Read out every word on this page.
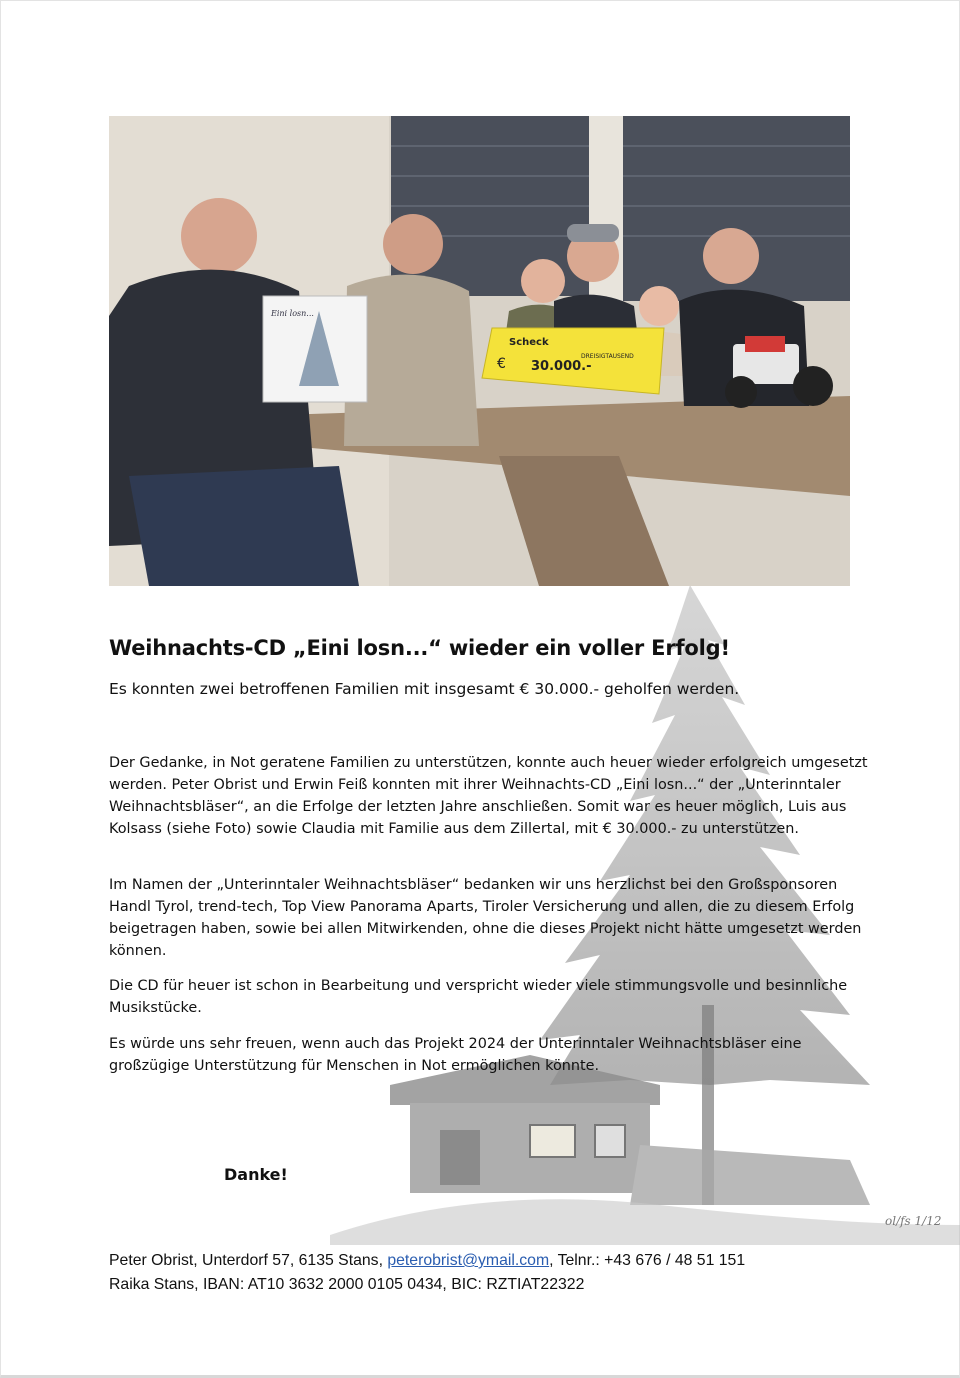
ol/fs 1/12
Eini losn...
Scheck
DREISIGTAUSEND
€ 30.000.-
Weihnachts-CD „Eini losn...“ wieder ein voller Erfolg!

Es konnten zwei betroffenen Familien mit insgesamt € 30.000.- geholfen werden.

Der Gedanke, in Not geratene Familien zu unterstützen, konnte auch heuer wieder erfolgreich umgesetzt werden. Peter Obrist und Erwin Feiß konnten mit ihrer Weihnachts-CD „Eini losn...“ der „Unterinntaler Weihnachtsbläser“, an die Erfolge der letzten Jahre anschließen. Somit war es heuer möglich, Luis aus Kolsass (siehe Foto) sowie Claudia mit Familie aus dem Zillertal, mit € 30.000.- zu unterstützen.

Im Namen der „Unterinntaler Weihnachtsbläser“ bedanken wir uns herzlichst bei den Großsponsoren Handl Tyrol, trend-tech, Top View Panorama Aparts, Tiroler Versicherung und allen, die zu diesem Erfolg beigetragen haben, sowie bei allen Mitwirkenden, ohne die dieses Projekt nicht hätte umgesetzt werden können.

Die CD für heuer ist schon in Bearbeitung und verspricht wieder viele stimmungsvolle und besinnliche Musikstücke.

Es würde uns sehr freuen, wenn auch das Projekt 2024 der Unterinntaler Weihnachtsbläser eine großzügige Unterstützung für Menschen in Not ermöglichen könnte.

Danke!

Peter Obrist, Unterdorf 57, 6135 Stans, peterobrist@ymail.com, Telnr.: +43 676 / 48 51 151
Raika Stans, IBAN: AT10 3632 2000 0105 0434, BIC: RZTIAT22322
